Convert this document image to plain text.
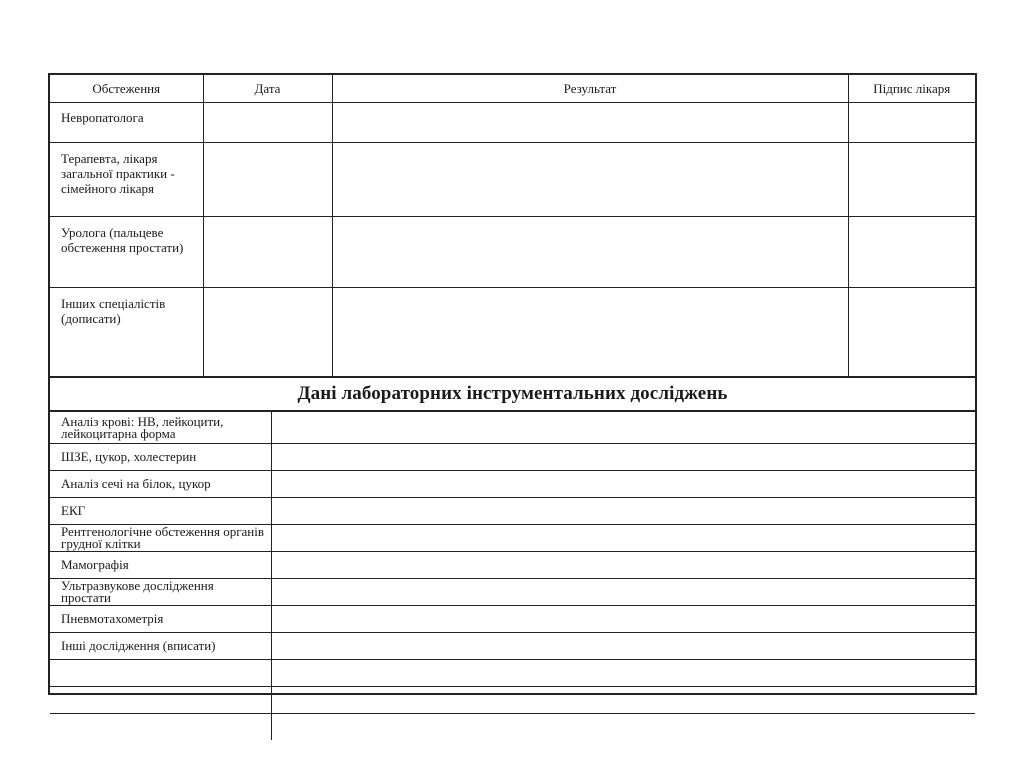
Обстеження	Дата	Результат	Підпис лікаря
Невропатолога			
Терапевта, лікаря загальної практики - сімейного лікаря			
Уролога (пальцеве обстеження простати)			
Інших спеціалістів (дописати)			
Дані лабораторних інструментальних досліджень
Аналіз крові: HB, лейкоцити, лейкоцитарна форма	
ШЗЕ, цукор, холестерин	
Аналіз сечі на білок, цукор	
ЕКГ	
Рентгенологічне обстеження органів грудної клітки	
Мамографія	
Ультразвукове дослідження простати	
Пневмотахометрія	
Інші дослідження (вписати)	
